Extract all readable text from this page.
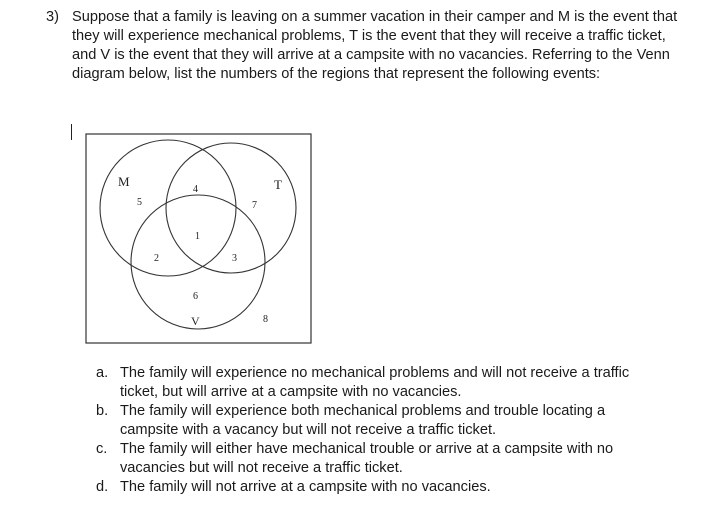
3) Suppose that a family is leaving on a summer vacation in their camper and M is the event that they will experience mechanical problems, T is the event that they will receive a traffic ticket, and V is the event that they will arrive at a campsite with no vacancies. Referring to the Venn diagram below, list the numbers of the regions that represent the following events:
M	T
V
4
5	7
1
2	3
6
8
a. The family will experience no mechanical problems and will not receive a traffic ticket, but will arrive at a campsite with no vacancies.
b. The family will experience both mechanical problems and trouble locating a campsite with a vacancy but will not receive a traffic ticket.
c. The family will either have mechanical trouble or arrive at a campsite with no vacancies but will not receive a traffic ticket.
d. The family will not arrive at a campsite with no vacancies.
